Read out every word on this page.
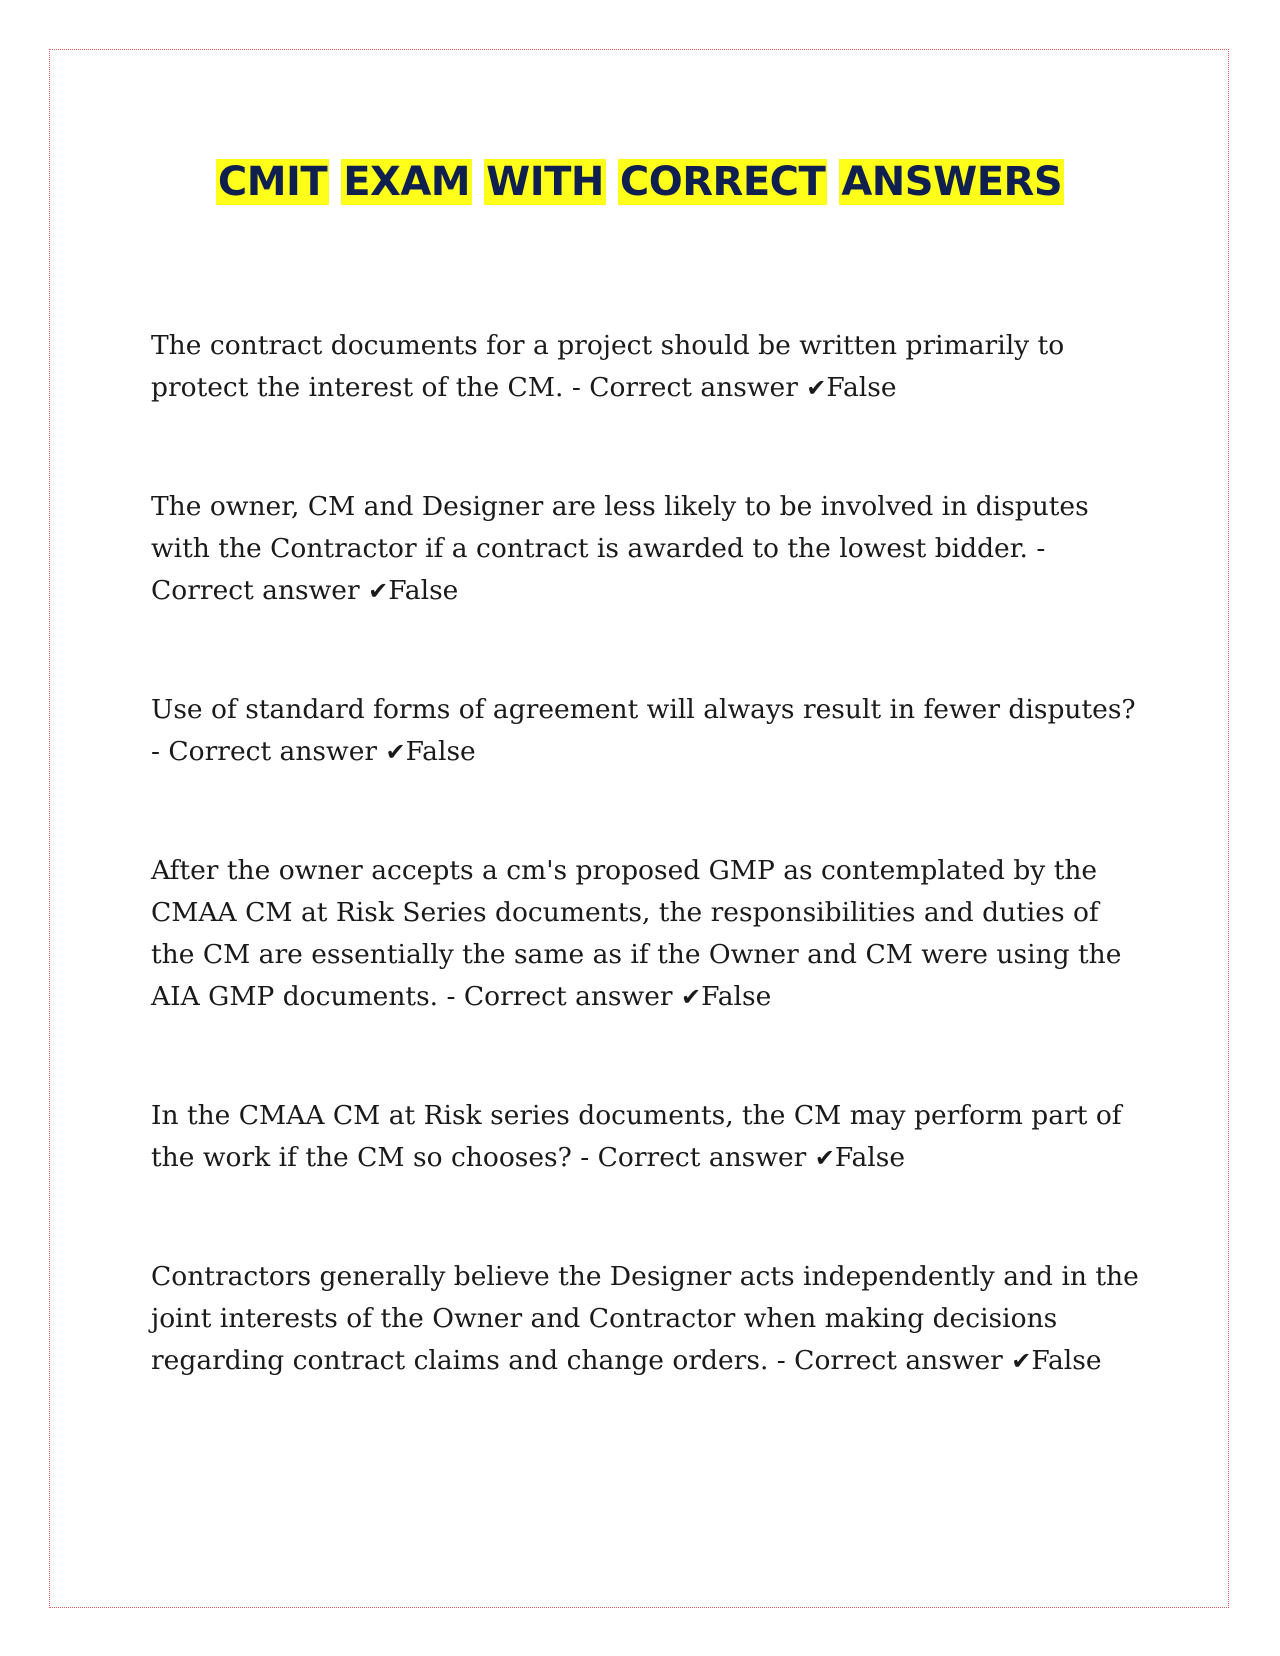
CMIT EXAM WITH CORRECT ANSWERS

The contract documents for a project should be written primarily to protect the interest of the CM. - Correct answer ✔False

The owner, CM and Designer are less likely to be involved in disputes with the Contractor if a contract is awarded to the lowest bidder. - Correct answer ✔False

Use of standard forms of agreement will always result in fewer disputes? - Correct answer ✔False

After the owner accepts a cm's proposed GMP as contemplated by the CMAA CM at Risk Series documents, the responsibilities and duties of the CM are essentially the same as if the Owner and CM were using the AIA GMP documents. - Correct answer ✔False

In the CMAA CM at Risk series documents, the CM may perform part of the work if the CM so chooses? - Correct answer ✔False

Contractors generally believe the Designer acts independently and in the joint interests of the Owner and Contractor when making decisions regarding contract claims and change orders. - Correct answer ✔False
